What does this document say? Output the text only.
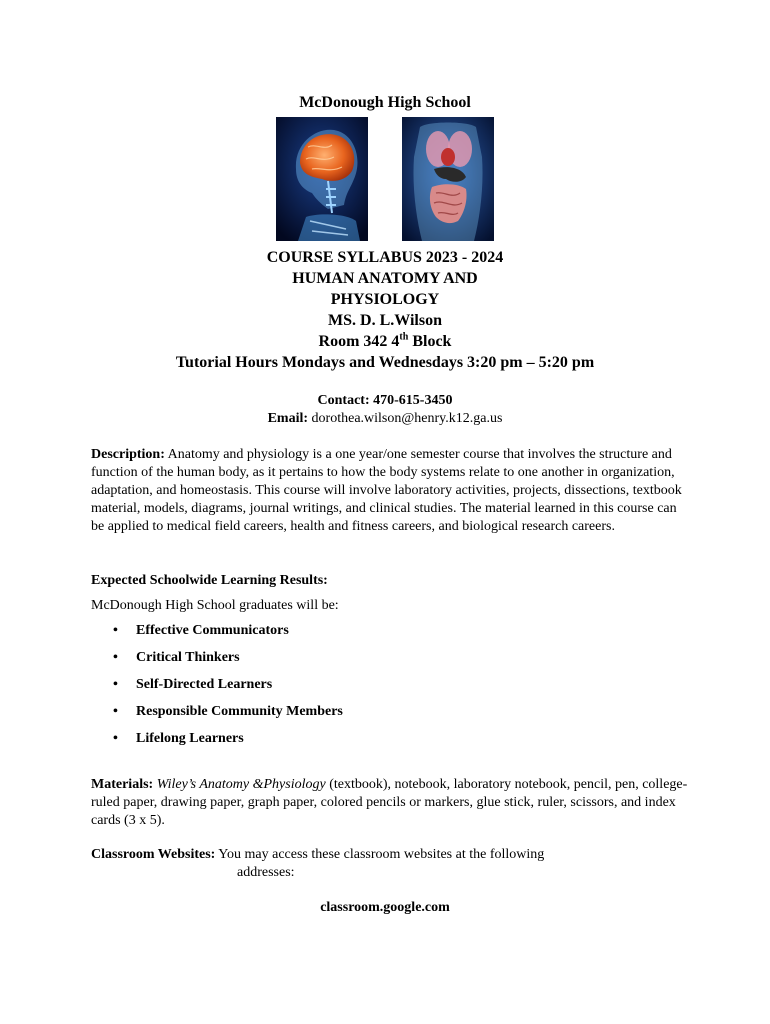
McDonough High School
COURSE SYLLABUS 2023 - 2024
HUMAN ANATOMY AND
PHYSIOLOGY
MS. D. L.Wilson
Room 342 4th Block
Tutorial Hours Mondays and Wednesdays 3:20 pm – 5:20 pm
Contact: 470-615-3450
Email: dorothea.wilson@henry.k12.ga.us
Description: Anatomy and physiology is a one year/one semester course that involves the structure and function of the human body, as it pertains to how the body systems relate to one another in organization, adaptation, and homeostasis. This course will involve laboratory activities, projects, dissections, textbook material, models, diagrams, journal writings, and clinical studies. The material learned in this course can be applied to medical field careers, health and fitness careers, and biological research careers.
Expected Schoolwide Learning Results:
McDonough High School graduates will be:
• Effective Communicators
• Critical Thinkers
• Self-Directed Learners
• Responsible Community Members
• Lifelong Learners
Materials: Wiley’s Anatomy &Physiology (textbook), notebook, laboratory notebook, pencil, pen, college-ruled paper, drawing paper, graph paper, colored pencils or markers, glue stick, ruler, scissors, and index cards (3 x 5).
Classroom Websites: You may access these classroom websites at the following
addresses:
classroom.google.com
